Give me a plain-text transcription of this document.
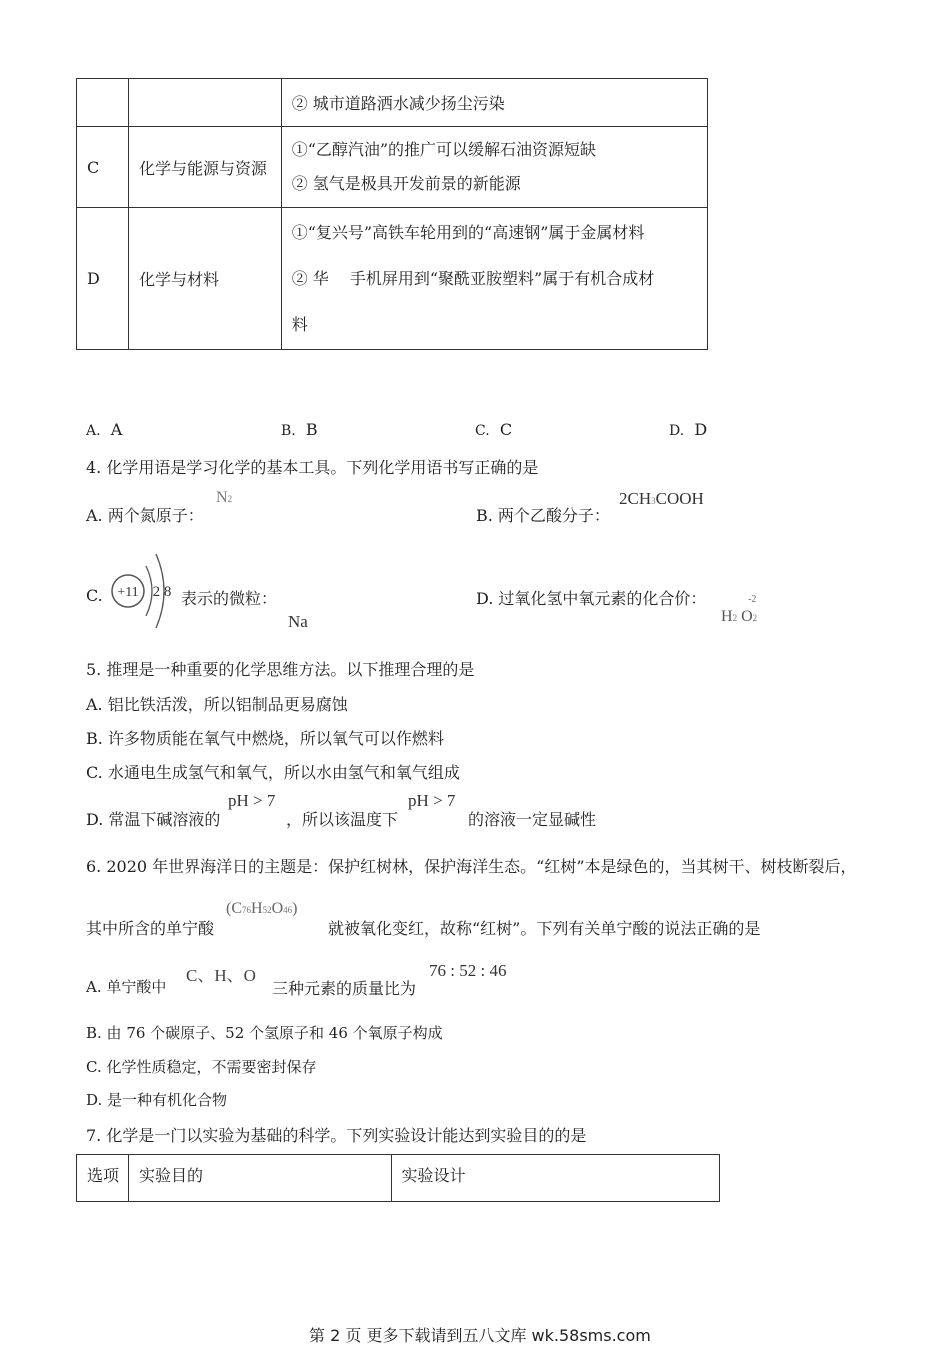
		② 城市道路洒水减少扬尘污染

C	化学与能源与资源	①“乙醇汽油”的推广可以缓解石油资源短缺
② 氢气是极具开发前景的新能源

D	化学与材料	①“复兴号”高铁车轮用到的“高速钢”属于金属材料
② 华　 手机屏用到“聚酰亚胺塑料”属于有机合成材
料
A. A	B. B	C. C	D. D
4. 化学用语是学习化学的基本工具。下列化学用语书写正确的是
A. 两个氮原子：
N2
B. 两个乙酸分子：
2CH3COOH
C. +11 2 8 表示的微粒：
Na
D. 过氧化氢中氧元素的化合价：	-2
H2 O2
5. 推理是一种重要的化学思维方法。以下推理合理的是
A. 铝比铁活泼，所以铝制品更易腐蚀
B. 许多物质能在氧气中燃烧，所以氧气可以作燃料
C. 水通电生成氢气和氧气，所以水由氢气和氧气组成
D. 常温下碱溶液的
pH > 7
，所以该温度下
pH > 7
的溶液一定显碱性
6. 2020 年世界海洋日的主题是：保护红树林，保护海洋生态。“红树”本是绿色的，当其树干、树枝断裂后，
其中所含的单宁酸
(C76H52O46)
就被氧化变红，故称“红树”。下列有关单宁酸的说法正确的是
A. 单宁酸中
C、H、O
三种元素的质量比为
76 : 52 : 46
B. 由 76 个碳原子、52 个氢原子和 46 个氧原子构成
C. 化学性质稳定，不需要密封保存
D. 是一种有机化合物
7. 化学是一门以实验为基础的科学。下列实验设计能达到实验目的的是
选项	实验目的	实验设计
第 2 页 更多下载请到五八文库 wk.58sms.com
